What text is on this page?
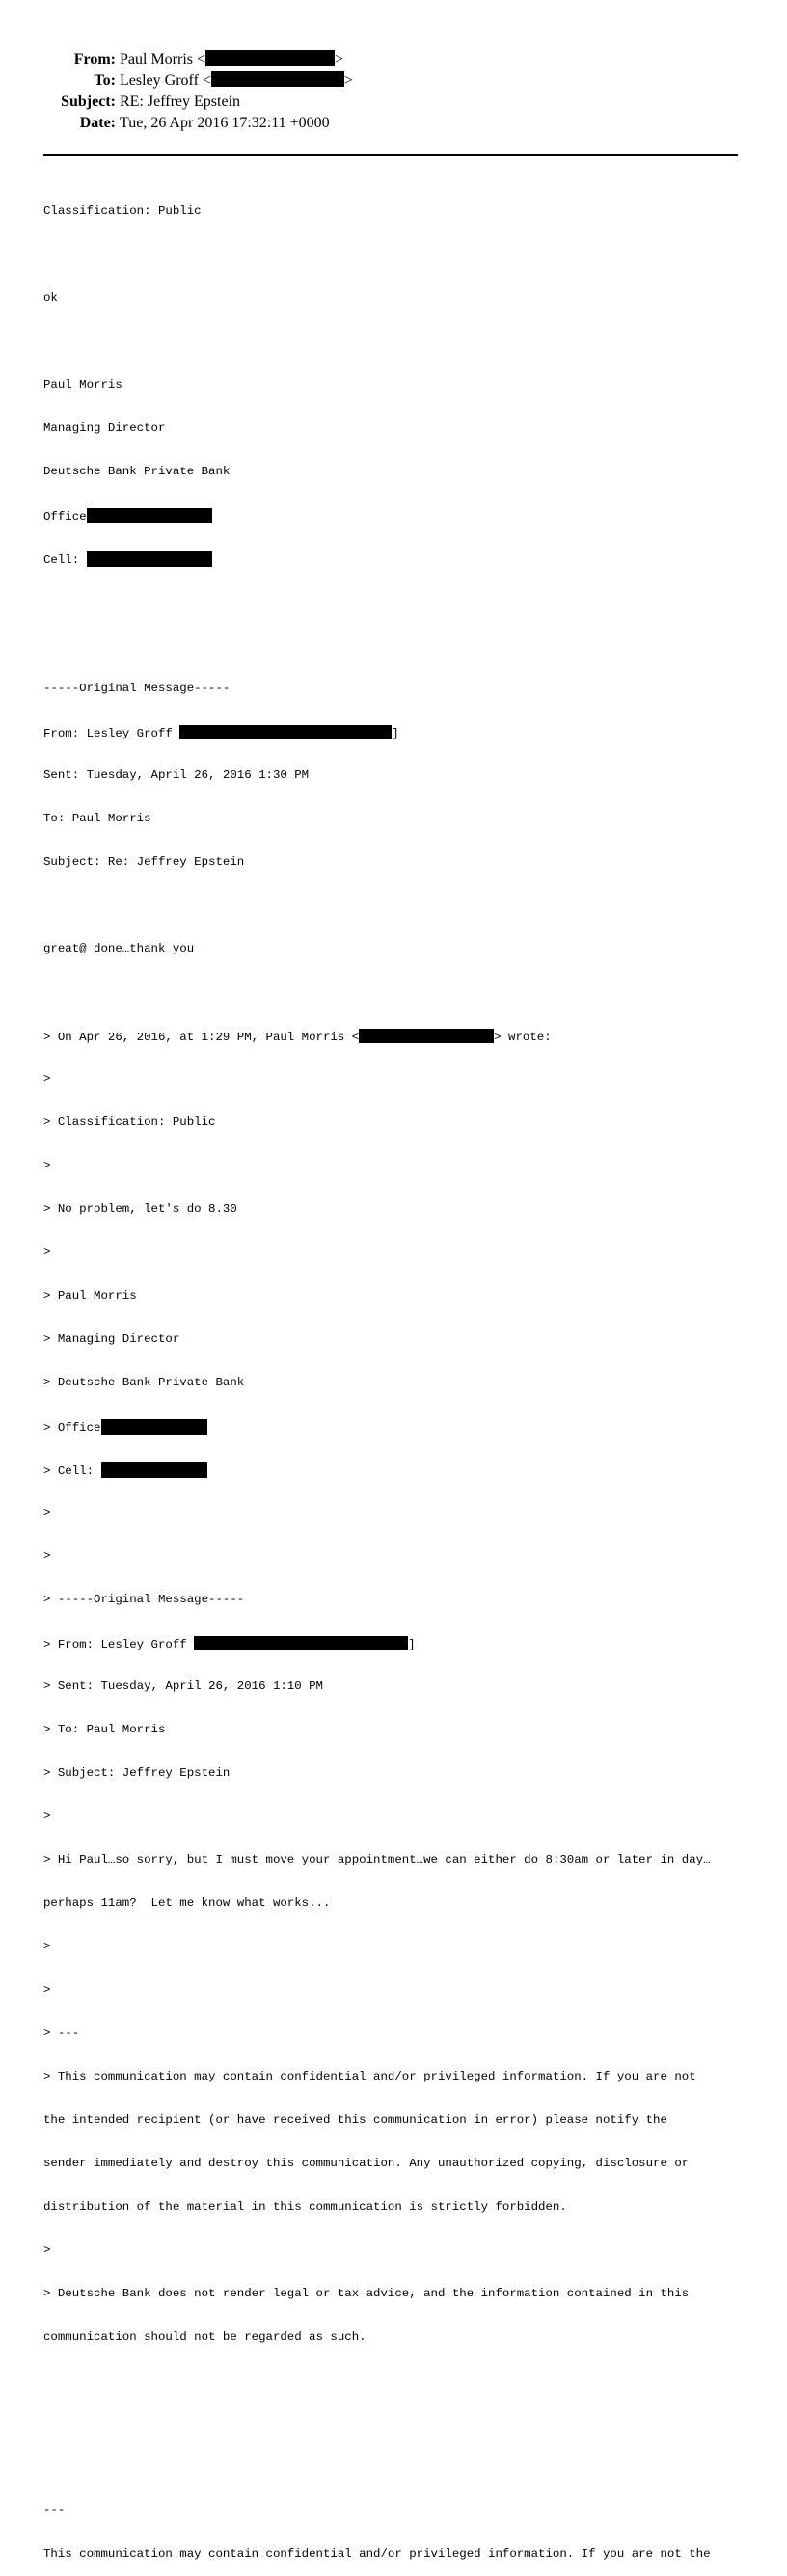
From: Paul Morris <	>
To: Lesley Groff <	>
Subject: RE: Jeffrey Epstein
Date: Tue, 26 Apr 2016 17:32:11 +0000

Classification: Public

ok

Paul Morris

Managing Director

Deutsche Bank Private Bank

Office

Cell:

-----Original Message-----

From: Lesley Groff	]

Sent: Tuesday, April 26, 2016 1:30 PM

To: Paul Morris

Subject: Re: Jeffrey Epstein

great@ done…thank you

> On Apr 26, 2016, at 1:29 PM, Paul Morris <	> wrote:

>

> Classification: Public

>

> No problem, let's do 8.30

>

> Paul Morris

> Managing Director

> Deutsche Bank Private Bank

> Office

> Cell:

>

>

> -----Original Message-----

> From: Lesley Groff	]

> Sent: Tuesday, April 26, 2016 1:10 PM

> To: Paul Morris

> Subject: Jeffrey Epstein

>

> Hi Paul…so sorry, but I must move your appointment…we can either do 8:30am or later in day…

perhaps 11am?  Let me know what works...

>

>

> ---

> This communication may contain confidential and/or privileged information. If you are not

the intended recipient (or have received this communication in error) please notify the

sender immediately and destroy this communication. Any unauthorized copying, disclosure or

distribution of the material in this communication is strictly forbidden.

>

> Deutsche Bank does not render legal or tax advice, and the information contained in this

communication should not be regarded as such.

---

This communication may contain confidential and/or privileged information. If you are not the
